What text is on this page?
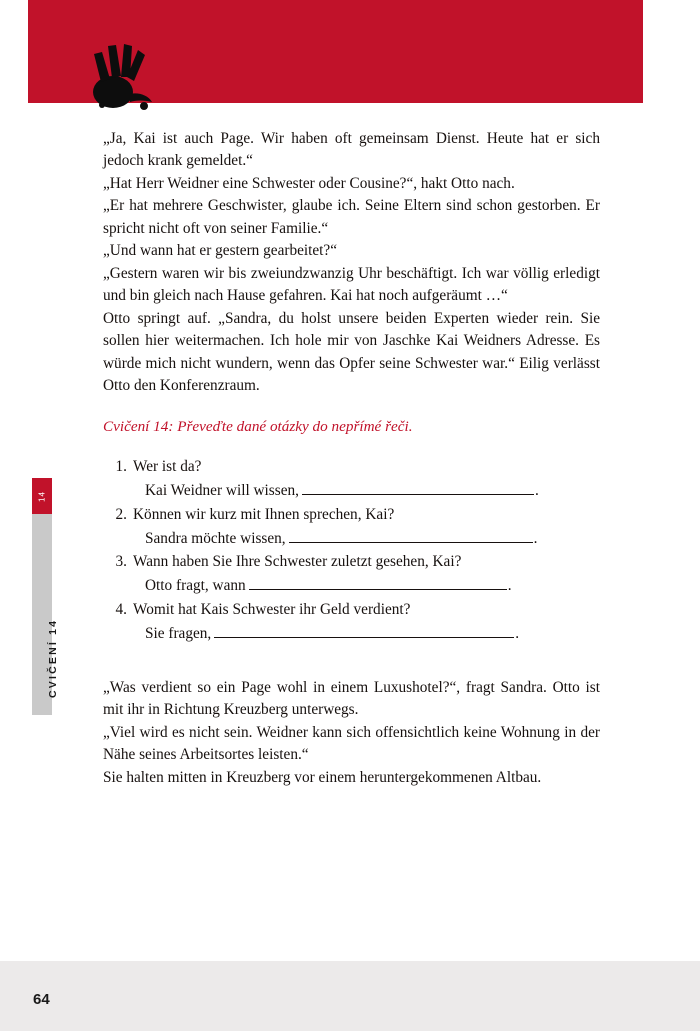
14
CVIČENÍ 14

„Ja, Kai ist auch Page. Wir haben oft gemeinsam Dienst. Heute hat er sich jedoch krank gemeldet.“

„Hat Herr Weidner eine Schwester oder Cousine?“, hakt Otto nach.

„Er hat mehrere Geschwister, glaube ich. Seine Eltern sind schon gestorben. Er spricht nicht oft von seiner Familie.“

„Und wann hat er gestern gearbeitet?“

„Gestern waren wir bis zweiundzwanzig Uhr beschäftigt. Ich war völlig erledigt und bin gleich nach Hause gefahren. Kai hat noch aufgeräumt …“

Otto springt auf. „Sandra, du holst unsere beiden Experten wieder rein. Sie sollen hier weitermachen. Ich hole mir von Jaschke Kai Weidners Adresse. Es würde mich nicht wundern, wenn das Opfer seine Schwester war.“ Eilig verlässt Otto den Konferenzraum.

Cvičení 14: Převeďte dané otázky do nepřímé řeči.

Wer ist da?
Kai Weidner will wissen,	.
Können wir kurz mit Ihnen sprechen, Kai?
Sandra möchte wissen,	.
Wann haben Sie Ihre Schwester zuletzt gesehen, Kai?
Otto fragt, wann	.
Womit hat Kais Schwester ihr Geld verdient?
Sie fragen,	.

„Was verdient so ein Page wohl in einem Luxushotel?“, fragt Sandra. Otto ist mit ihr in Richtung Kreuzberg unterwegs.

„Viel wird es nicht sein. Weidner kann sich offensichtlich keine Wohnung in der Nähe seines Arbeitsortes leisten.“

Sie halten mitten in Kreuzberg vor einem heruntergekommenen Altbau.

64
